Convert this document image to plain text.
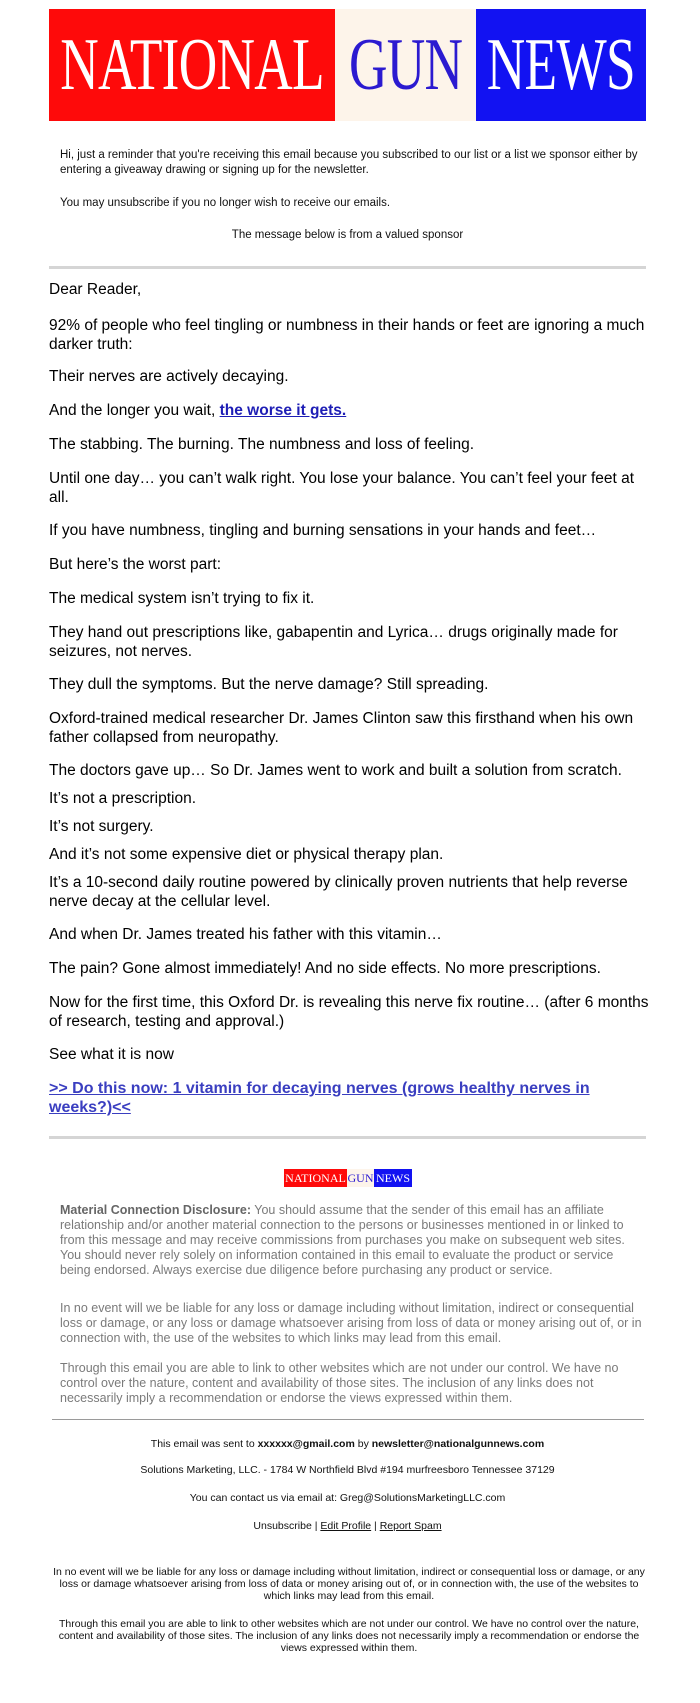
NATIONAL GUN NEWS
Hi, just a reminder that you're receiving this email because you subscribed to our list or a list we sponsor either by entering a giveaway drawing or signing up for the newsletter.
You may unsubscribe if you no longer wish to receive our emails.
The message below is from a valued sponsor
Dear Reader,
92% of people who feel tingling or numbness in their hands or feet are ignoring a much darker truth:
Their nerves are actively decaying.
And the longer you wait, the worse it gets.
The stabbing. The burning. The numbness and loss of feeling.
Until one day… you can’t walk right. You lose your balance. You can’t feel your feet at all.
If you have numbness, tingling and burning sensations in your hands and feet…
But here’s the worst part:
The medical system isn’t trying to fix it.
They hand out prescriptions like, gabapentin and Lyrica… drugs originally made for seizures, not nerves.
They dull the symptoms. But the nerve damage? Still spreading.
Oxford-trained medical researcher Dr. James Clinton saw this firsthand when his own father collapsed from neuropathy.
The doctors gave up… So Dr. James went to work and built a solution from scratch.
It’s not a prescription.
It’s not surgery.
And it’s not some expensive diet or physical therapy plan.
It’s a 10-second daily routine powered by clinically proven nutrients that help reverse nerve decay at the cellular level.
And when Dr. James treated his father with this vitamin…
The pain? Gone almost immediately! And no side effects. No more prescriptions.
Now for the first time, this Oxford Dr. is revealing this nerve fix routine… (after 6 months of research, testing and approval.)
See what it is now
>> Do this now: 1 vitamin for decaying nerves (grows healthy nerves in weeks?)<<
NATIONAL GUN NEWS
Material Connection Disclosure: You should assume that the sender of this email has an affiliate relationship and/or another material connection to the persons or businesses mentioned in or linked to from this message and may receive commissions from purchases you make on subsequent web sites. You should never rely solely on information contained in this email to evaluate the product or service being endorsed. Always exercise due diligence before purchasing any product or service.
In no event will we be liable for any loss or damage including without limitation, indirect or consequential loss or damage, or any loss or damage whatsoever arising from loss of data or money arising out of, or in connection with, the use of the websites to which links may lead from this email.
Through this email you are able to link to other websites which are not under our control. We have no control over the nature, content and availability of those sites. The inclusion of any links does not necessarily imply a recommendation or endorse the views expressed within them.
This email was sent to xxxxxx@gmail.com by newsletter@nationalgunnews.com
Solutions Marketing, LLC. - 1784 W Northfield Blvd #194 murfreesboro Tennessee 37129
You can contact us via email at: Greg@SolutionsMarketingLLC.com
Unsubscribe | Edit Profile | Report Spam
In no event will we be liable for any loss or damage including without limitation, indirect or consequential loss or damage, or any loss or damage whatsoever arising from loss of data or money arising out of, or in connection with, the use of the websites to which links may lead from this email.
Through this email you are able to link to other websites which are not under our control. We have no control over the nature, content and availability of those sites. The inclusion of any links does not necessarily imply a recommendation or endorse the views expressed within them.
